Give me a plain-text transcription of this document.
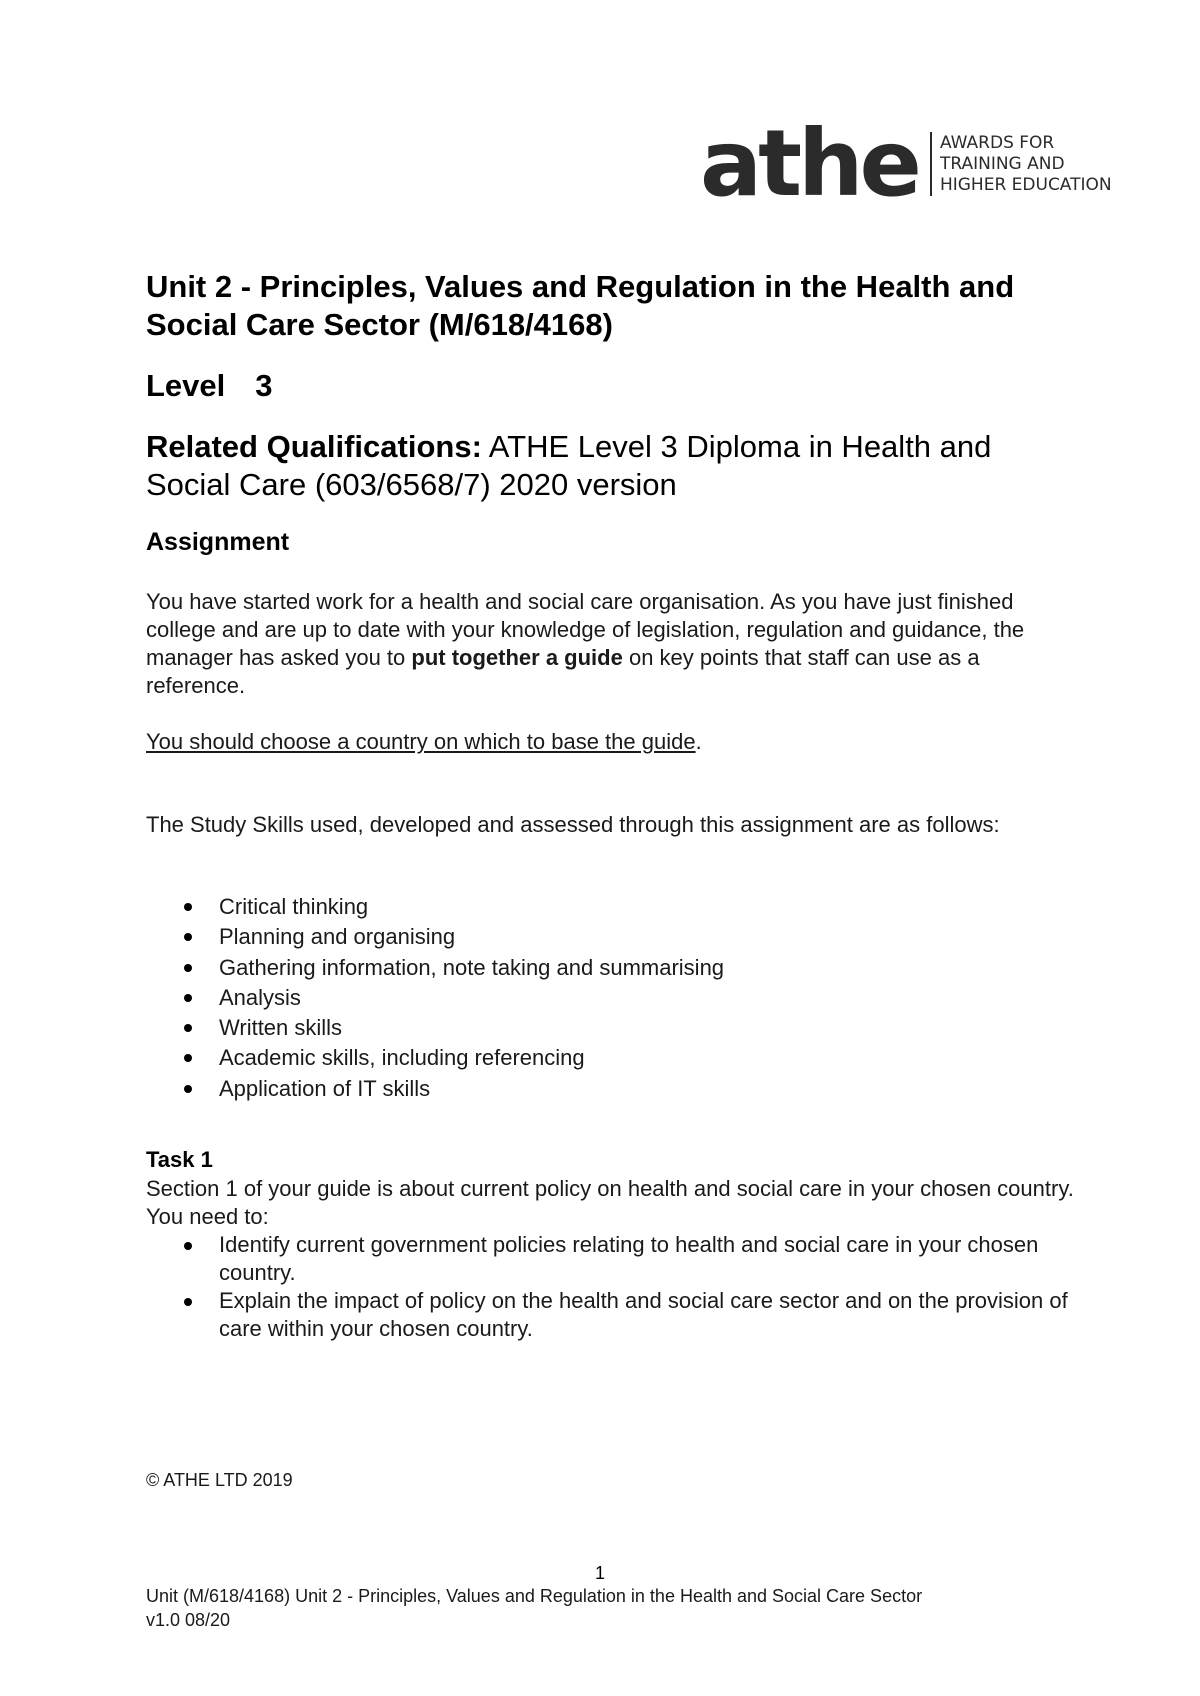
athe AWARDS FOR
TRAINING AND
HIGHER EDUCATION
Unit 2 - Principles, Values and Regulation in the Health and Social Care Sector (M/618/4168)
Level 3

Related Qualifications: ATHE Level 3 Diploma in Health and Social Care (603/6568/7) 2020 version

Assignment

You have started work for a health and social care organisation. As you have just finished college and are up to date with your knowledge of legislation, regulation and guidance, the manager has asked you to put together a guide on key points that staff can use as a reference.

You should choose a country on which to base the guide.

The Study Skills used, developed and assessed through this assignment are as follows:

Critical thinking
Planning and organising
Gathering information, note taking and summarising
Analysis
Written skills
Academic skills, including referencing
Application of IT skills
Task 1

Section 1 of your guide is about current policy on health and social care in your chosen country. You need to:

Identify current government policies relating to health and social care in your chosen country.
Explain the impact of policy on the health and social care sector and on the provision of care within your chosen country.
© ATHE LTD 2019
1
Unit (M/618/4168) Unit 2 - Principles, Values and Regulation in the Health and Social Care Sector
v1.0 08/20
